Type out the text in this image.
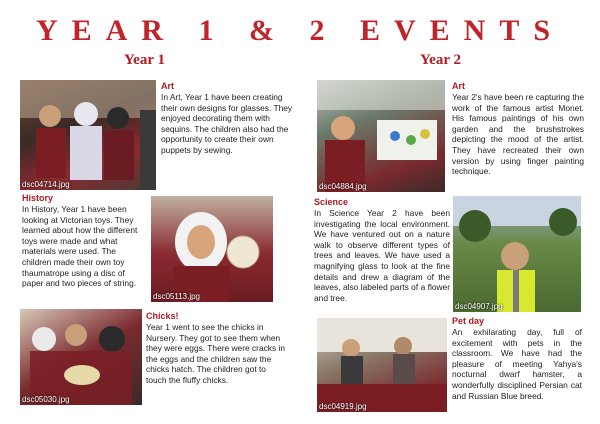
YEAR 1 & 2 EVENTS
Year 1	Year 2
dsc04714.jpg
Art
In Art, Year 1 have been creating their own designs for glasses. They enjoyed decorating them with sequins. The children also had the opportunity to create their own puppets by sewing.
History
In History, Year 1 have been looking at Victorian toys. They learned about how the different toys were made and what materials were used. The children made their own toy thaumatrope using a disc of paper and two pieces of string.
dsc05113.jpg
dsc05030.jpg
Chicks!
Year 1 went to see the chicks in Nursery. They got to see them when they were eggs. There were cracks in the eggs and the children saw the chicks hatch. The children got to touch the fluffy chicks.
dsc04884.jpg
Art
Year 2's have been re capturing the work of the famous artist Monet. His famous paintings of his own garden and the brushstrokes depicting the mood of the artist. They have recreated their own version by using finger painting technique.
Science
In Science Year 2 have been investigating the local environment. We have ventured out on a nature walk to observe different types of trees and leaves. We have used a magnifying glass to look at the fine details and drew a diagram of the leaves, also labeled parts of a flower and tree.
dsc04907.jpg
dsc04919.jpg
Pet day
An exhilarating day, full of excitement with pets in the classroom. We have had the pleasure of meeting Yahya's nocturnal dwarf hamster, a wonderfully disciplined Persian cat and Russian Blue breed.
